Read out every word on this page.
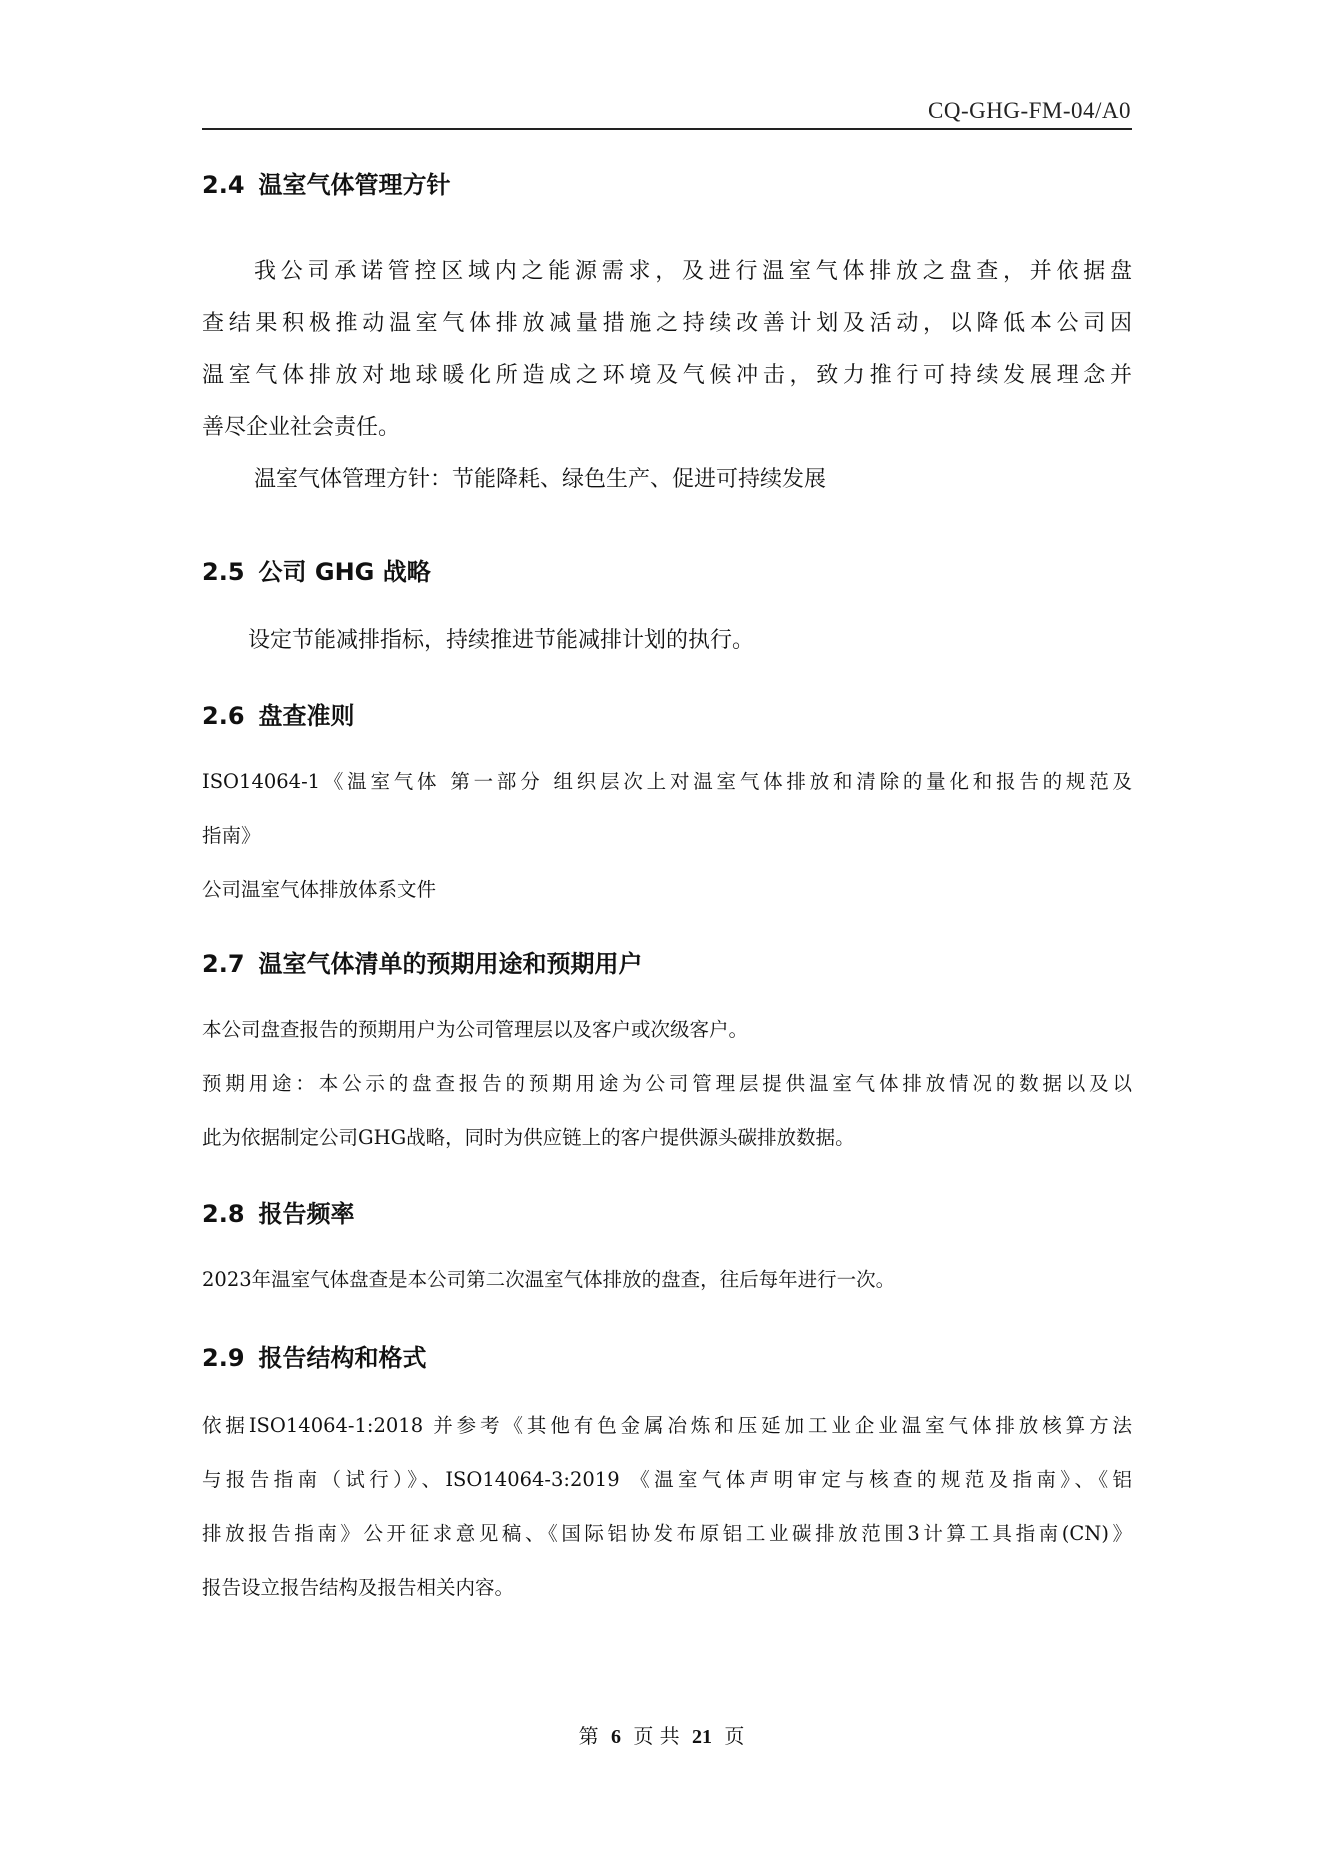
CQ-GHG-FM-04/A0
2.4 温室气体管理方针
我公司承诺管控区域内之能源需求，及进行温室气体排放之盘查，并依据盘
查结果积极推动温室气体排放减量措施之持续改善计划及活动，以降低本公司因
温室气体排放对地球暖化所造成之环境及气候冲击，致力推行可持续发展理念并
善尽企业社会责任。
温室气体管理方针：节能降耗、绿色生产、促进可持续发展
2.5 公司 GHG 战略
设定节能减排指标，持续推进节能减排计划的执行。
2.6 盘查准则
ISO14064-1《温室气体 第一部分 组织层次上对温室气体排放和清除的量化和报告的规范及
指南》
公司温室气体排放体系文件
2.7 温室气体清单的预期用途和预期用户
本公司盘查报告的预期用户为公司管理层以及客户或次级客户。
预期用途：本公示的盘查报告的预期用途为公司管理层提供温室气体排放情况的数据以及以
此为依据制定公司GHG战略，同时为供应链上的客户提供源头碳排放数据。
2.8 报告频率
2023年温室气体盘查是本公司第二次温室气体排放的盘查，往后每年进行一次。
2.9 报告结构和格式
依据ISO14064-1:2018 并参考《其他有色金属冶炼和压延加工业企业温室气体排放核算方法
与报告指南（试行）》、ISO14064-3:2019 《温室气体声明审定与核查的规范及指南》、《铝
排放报告指南》公开征求意见稿、《国际铝协发布原铝工业碳排放范围3计算工具指南(CN)》
报告设立报告结构及报告相关内容。
第 6 页 共 21 页
